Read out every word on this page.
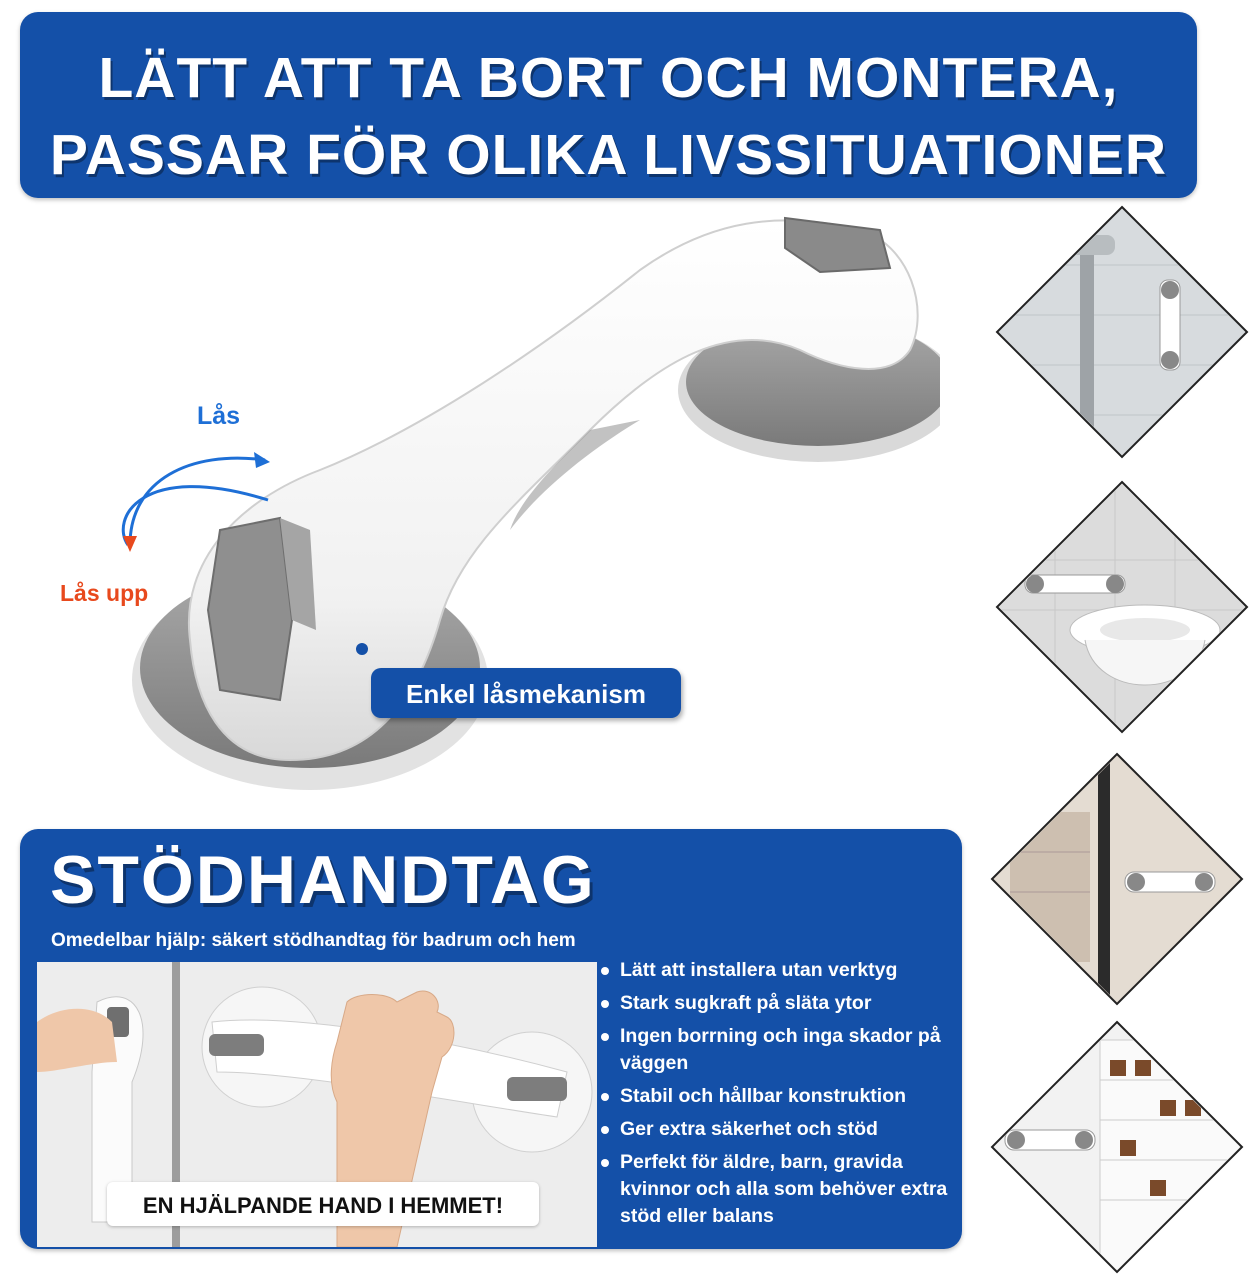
LÄTT ATT TA BORT OCH MONTERA,
PASSAR FÖR OLIKA LIVSSITUATIONER
Lås
Lås upp
Enkel låsmekanism
STÖDHANDTAG
Omedelbar hjälp: säkert stödhandtag för badrum och hem
EN HJÄLPANDE HAND I HEMMET!
Lätt att installera utan verktyg
Stark sugkraft på släta ytor
Ingen borrning och inga skador på väggen
Stabil och hållbar konstruktion
Ger extra säkerhet och stöd
Perfekt för äldre, barn, gravida kvinnor och alla som behöver extra stöd eller balans
